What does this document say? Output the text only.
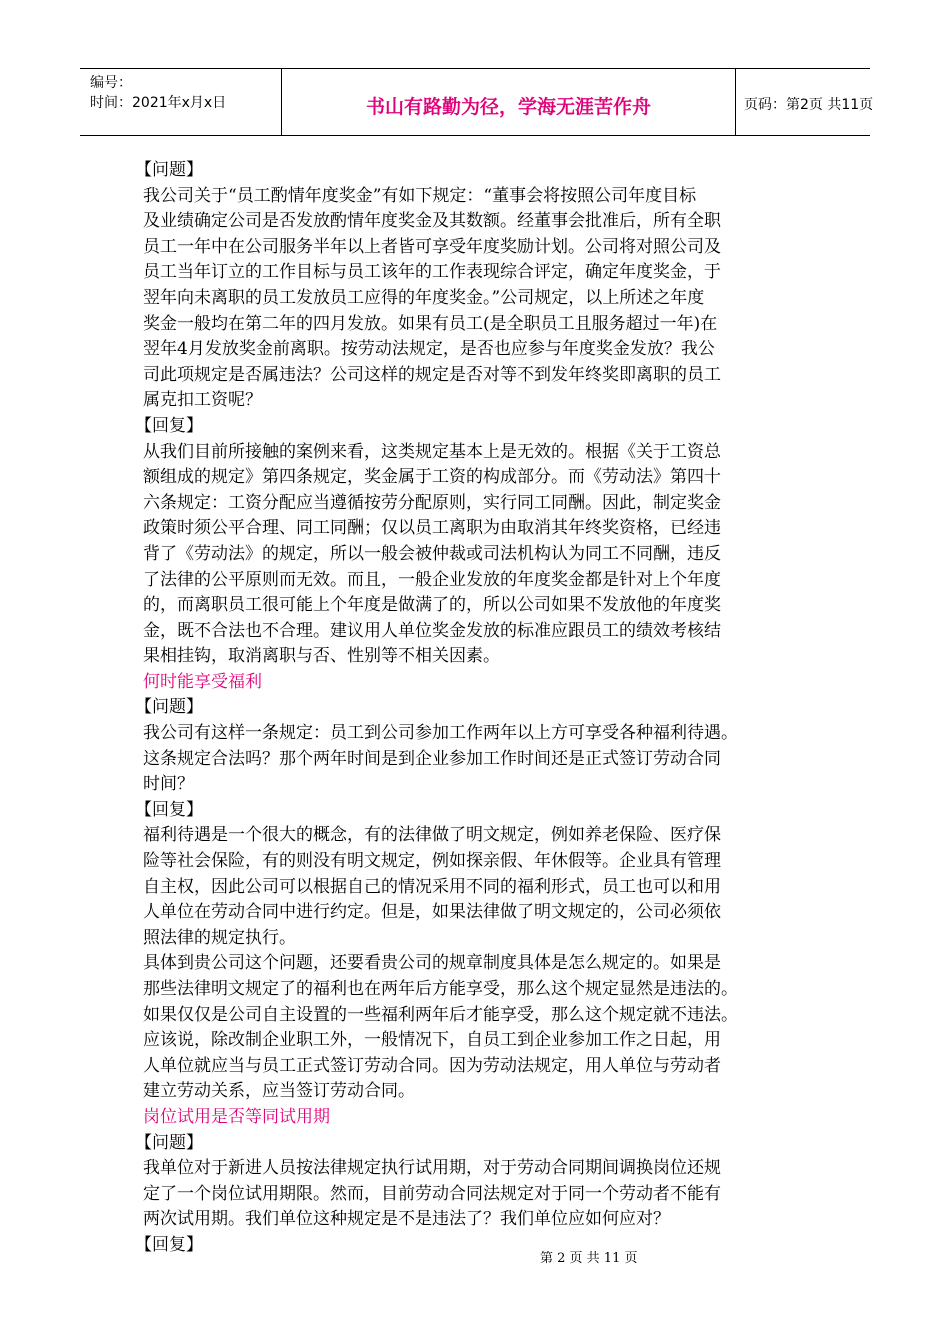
编号：
时间：2021年x月x日	书山有路勤为径，学海无涯苦作舟	页码：第2页 共11页
【问题】
我公司关于“员工酌情年度奖金”有如下规定：“董事会将按照公司年度目标
及业绩确定公司是否发放酌情年度奖金及其数额。经董事会批准后，所有全职
员工一年中在公司服务半年以上者皆可享受年度奖励计划。公司将对照公司及
员工当年订立的工作目标与员工该年的工作表现综合评定，确定年度奖金，于
翌年向未离职的员工发放员工应得的年度奖金。”公司规定，以上所述之年度
奖金一般均在第二年的四月发放。如果有员工(是全职员工且服务超过一年)在
翌年4月发放奖金前离职。按劳动法规定，是否也应参与年度奖金发放？我公
司此项规定是否属违法？公司这样的规定是否对等不到发年终奖即离职的员工
属克扣工资呢？
【回复】
从我们目前所接触的案例来看，这类规定基本上是无效的。根据《关于工资总
额组成的规定》第四条规定，奖金属于工资的构成部分。而《劳动法》第四十
六条规定：工资分配应当遵循按劳分配原则，实行同工同酬。因此，制定奖金
政策时须公平合理、同工同酬；仅以员工离职为由取消其年终奖资格，已经违
背了《劳动法》的规定，所以一般会被仲裁或司法机构认为同工不同酬，违反
了法律的公平原则而无效。而且，一般企业发放的年度奖金都是针对上个年度
的，而离职员工很可能上个年度是做满了的，所以公司如果不发放他的年度奖
金，既不合法也不合理。建议用人单位奖金发放的标准应跟员工的绩效考核结
果相挂钩，取消离职与否、性别等不相关因素。
何时能享受福利
【问题】
我公司有这样一条规定：员工到公司参加工作两年以上方可享受各种福利待遇。
这条规定合法吗？那个两年时间是到企业参加工作时间还是正式签订劳动合同
时间？
【回复】
福利待遇是一个很大的概念，有的法律做了明文规定，例如养老保险、医疗保
险等社会保险，有的则没有明文规定，例如探亲假、年休假等。企业具有管理
自主权，因此公司可以根据自己的情况采用不同的福利形式，员工也可以和用
人单位在劳动合同中进行约定。但是，如果法律做了明文规定的，公司必须依
照法律的规定执行。
具体到贵公司这个问题，还要看贵公司的规章制度具体是怎么规定的。如果是
那些法律明文规定了的福利也在两年后方能享受，那么这个规定显然是违法的。
如果仅仅是公司自主设置的一些福利两年后才能享受，那么这个规定就不违法。
应该说，除改制企业职工外，一般情况下，自员工到企业参加工作之日起，用
人单位就应当与员工正式签订劳动合同。因为劳动法规定，用人单位与劳动者
建立劳动关系，应当签订劳动合同。
岗位试用是否等同试用期
【问题】
我单位对于新进人员按法律规定执行试用期，对于劳动合同期间调换岗位还规
定了一个岗位试用期限。然而，目前劳动合同法规定对于同一个劳动者不能有
两次试用期。我们单位这种规定是不是违法了？我们单位应如何应对？
【回复】
第 2 页 共 11 页
